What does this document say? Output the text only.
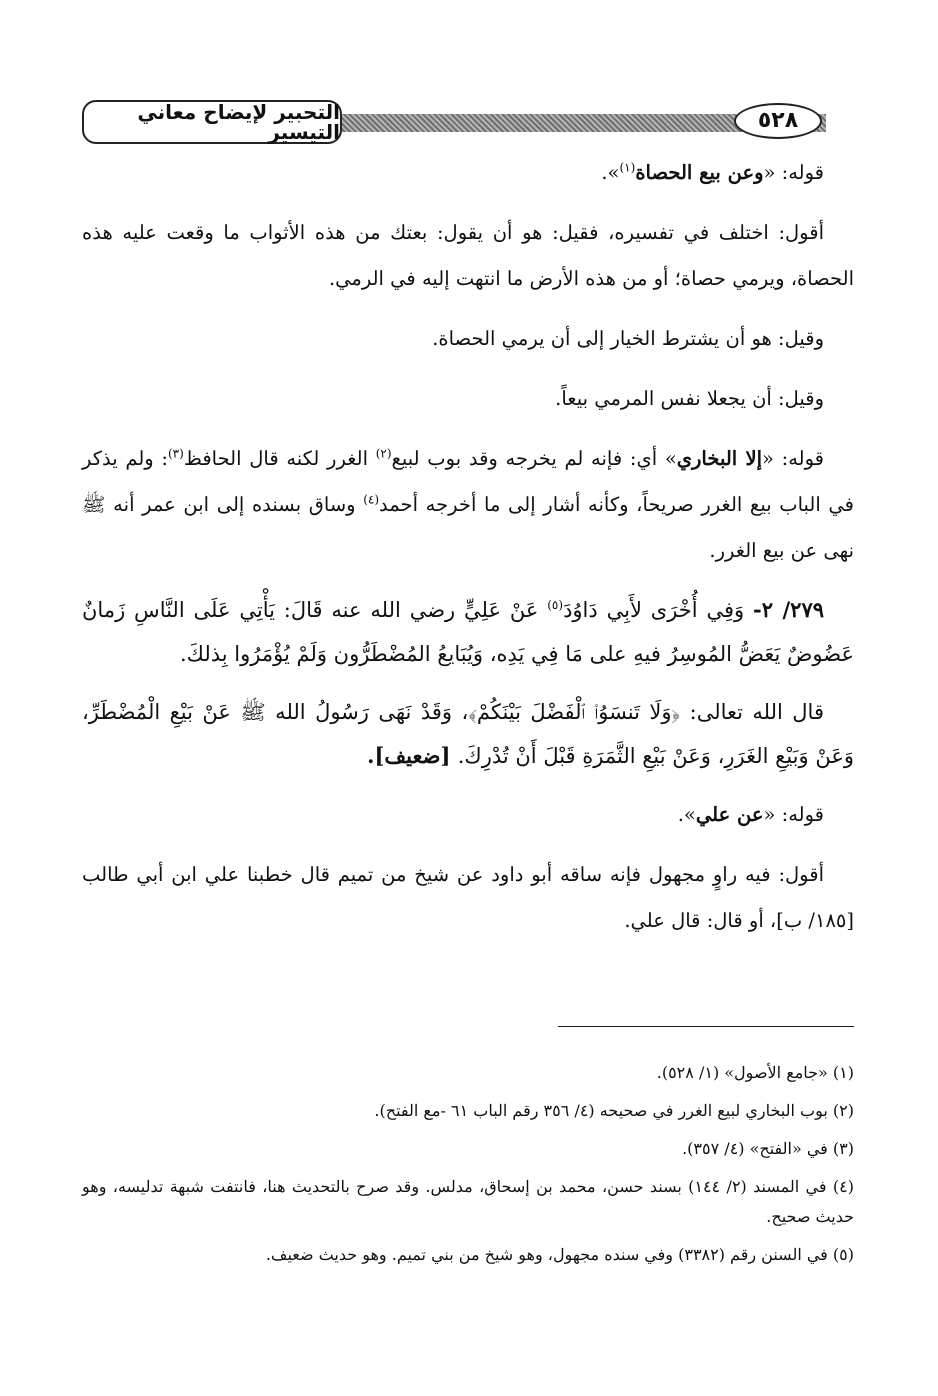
التحبير لإيضاح معاني التيسير	٥٢٨

قوله: «وعن بيع الحصاة$^{(١)}$».

أقول: اختلف في تفسيره، فقيل: هو أن يقول: بعتك من هذه الأثواب ما وقعت عليه هذه الحصاة، ويرمي حصاة؛ أو من هذه الأرض ما انتهت إليه في الرمي.

وقيل: هو أن يشترط الخيار إلى أن يرمي الحصاة.

وقيل: أن يجعلا نفس المرمي بيعاً.

قوله: «إلا البخاري» أي: فإنه لم يخرجه وقد بوب لبيع$^{(٢)}$ الغرر لكنه قال الحافظ$^{(٣)}$: ولم يذكر في الباب بيع الغرر صريحاً، وكأنه أشار إلى ما أخرجه أحمد$^{(٤)}$ وساق بسنده إلى ابن عمر أنه ﷺ نهى عن بيع الغرر.

٢٧٩/ ٢- وَفِي أُخْرَى لأَبِي دَاوُدَ$^{(٥)}$ عَنْ عَلِيٍّ رضي الله عنه قَالَ: يَأْتِي عَلَى النَّاسِ زَمانٌ عَضُوضٌ يَعَضُّ المُوسِرُ فيهِ على مَا فِي يَدِه، وَيُبَايعُ المُضْطَرُّون وَلَمْ يُؤْمَرُوا بِذلكَ.

قال الله تعالى: ﴿وَلَا تَنسَوُا۟ ٱلْفَضْلَ بَيْنَكُمْ﴾، وَقَدْ نَهَى رَسُولُ الله ﷺ عَنْ بَيْعِ الْمُضْطَرِّ، وَعَنْ وَبَيْعِ الغَرَرِ، وَعَنْ بَيْعِ الثَّمَرَةِ قَبْلَ أَنْ تُدْرِكَ. [ضعيف].

قوله: «عن علي».

أقول: فيه راوٍ مجهول فإنه ساقه أبو داود عن شيخ من تميم قال خطبنا علي ابن أبي طالب [١٨٥/ ب]، أو قال: قال علي.

(١) «جامع الأصول» (١/ ٥٢٨).

(٢) بوب البخاري لبيع الغرر في صحيحه (٤/ ٣٥٦ رقم الباب ٦١ -مع الفتح).

(٣) في «الفتح» (٤/ ٣٥٧).

(٤) في المسند (٢/ ١٤٤) بسند حسن، محمد بن إسحاق، مدلس. وقد صرح بالتحديث هنا، فانتفت شبهة تدليسه، وهو حديث صحيح.

(٥) في السنن رقم (٣٣٨٢) وفي سنده مجهول، وهو شيخ من بني تميم. وهو حديث ضعيف.
